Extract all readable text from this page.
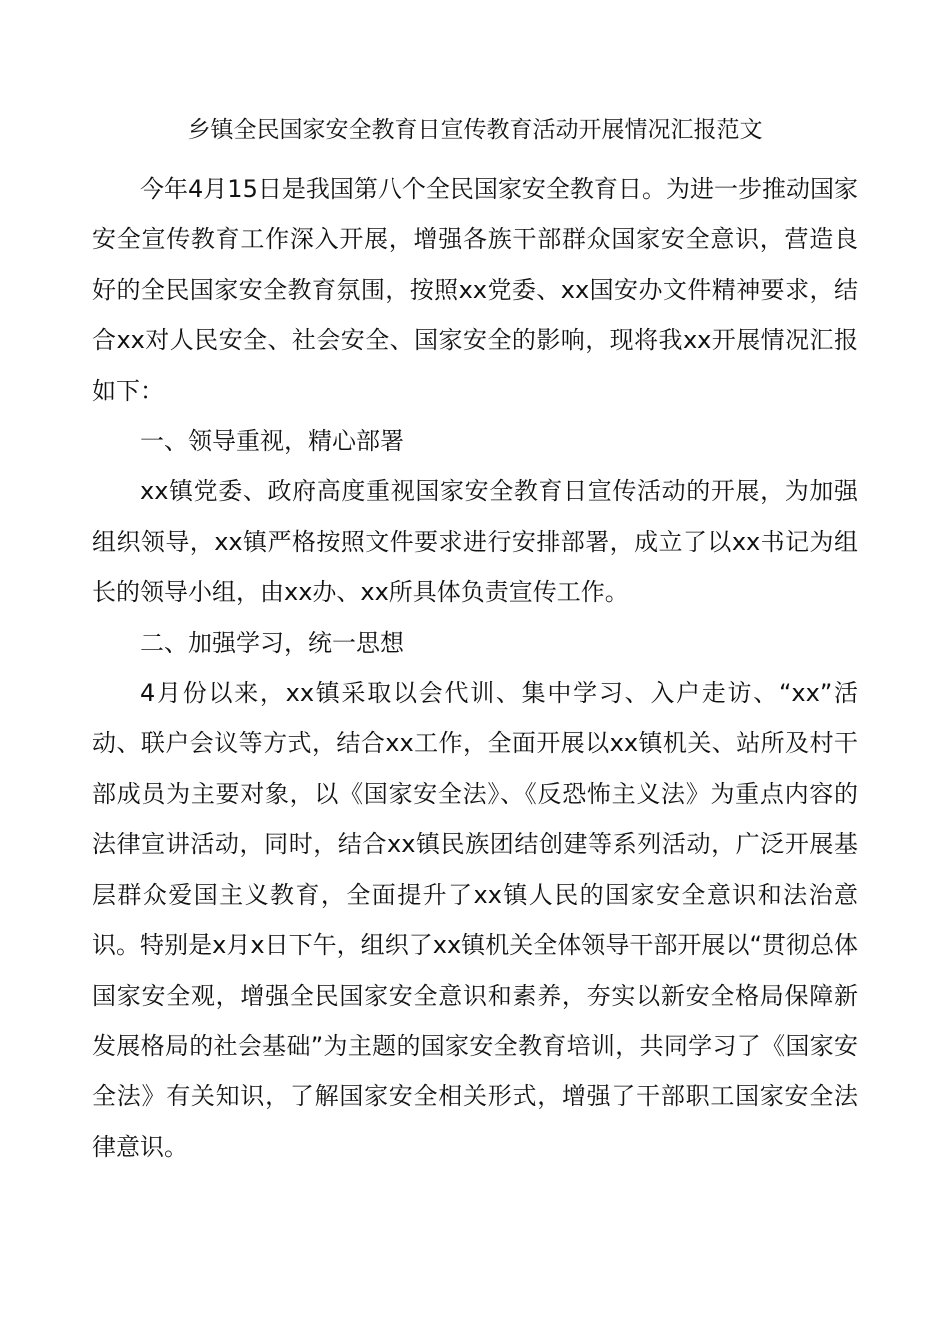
乡镇全民国家安全教育日宣传教育活动开展情况汇报范文

今年4月15日是我国第八个全民国家安全教育日。为进一步推动国家安全宣传教育工作深入开展，增强各族干部群众国家安全意识，营造良好的全民国家安全教育氛围，按照xx党委、xx国安办文件精神要求，结合xx对人民安全、社会安全、国家安全的影响，现将我xx开展情况汇报如下：

一、领导重视，精心部署

xx镇党委、政府高度重视国家安全教育日宣传活动的开展，为加强组织领导，xx镇严格按照文件要求进行安排部署，成立了以xx书记为组长的领导小组，由xx办、xx所具体负责宣传工作。

二、加强学习，统一思想

4月份以来，xx镇采取以会代训、集中学习、入户走访、“xx”活动、联户会议等方式，结合xx工作，全面开展以xx镇机关、站所及村干部成员为主要对象，以《国家安全法》、《反恐怖主义法》为重点内容的法律宣讲活动，同时，结合xx镇民族团结创建等系列活动，广泛开展基层群众爱国主义教育，全面提升了xx镇人民的国家安全意识和法治意识。特别是x月x日下午，组织了xx镇机关全体领导干部开展以“贯彻总体国家安全观，增强全民国家安全意识和素养，夯实以新安全格局保障新发展格局的社会基础”为主题的国家安全教育培训，共同学习了《国家安全法》有关知识，了解国家安全相关形式，增强了干部职工国家安全法律意识。
